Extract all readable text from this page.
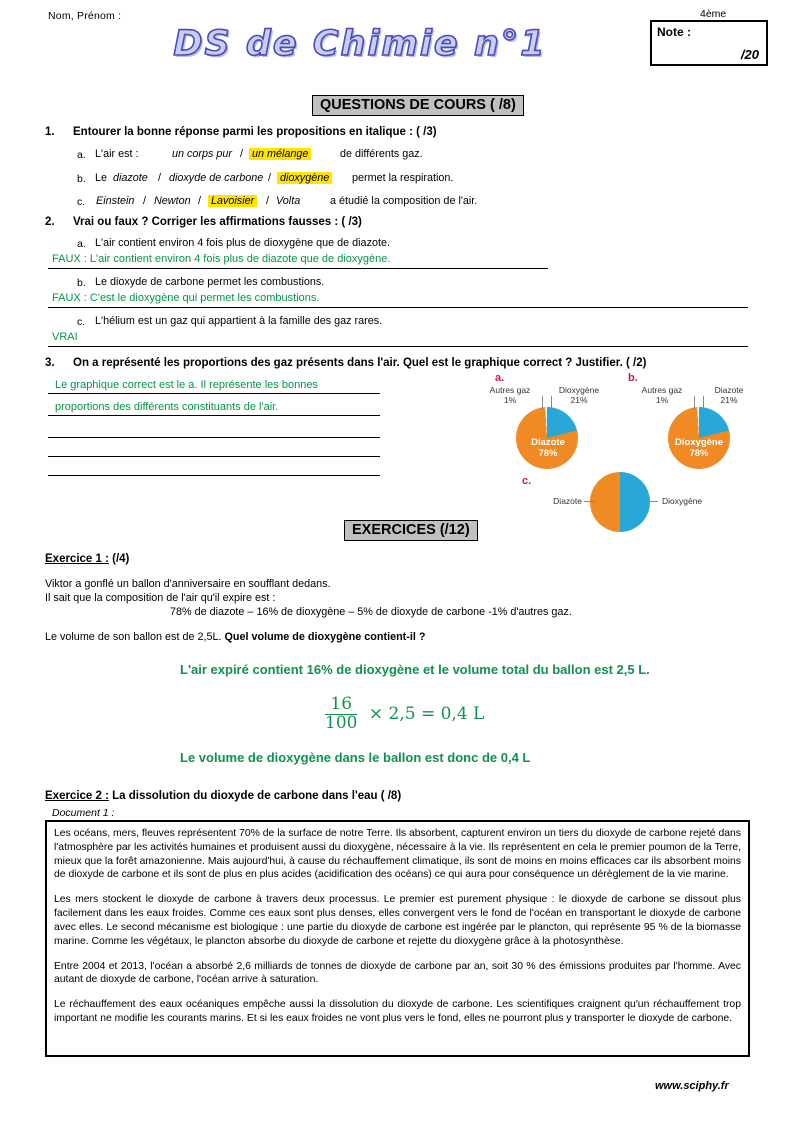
Nom, Prénom :	4ème
Note :
/20
DS de Chimie n°1
QUESTIONS DE COURS ( /8)
1. Entourer la bonne réponse parmi les propositions en italique : ( /3)
a. L'air est :	un corps pur / un mélange	de différents gaz.
b. Le diazote / dioxyde de carbone / dioxygène permet la respiration.
c. Einstein / Newton / Lavoisier / Volta	a étudié la composition de l'air.
2. Vrai ou faux ? Corriger les affirmations fausses : ( /3)
a. L'air contient environ 4 fois plus de dioxygène que de diazote.
FAUX : L'air contient environ 4 fois plus de diazote que de dioxygène.
b. Le dioxyde de carbone permet les combustions.
FAUX : C'est le dioxygène qui permet les combustions.
c. L'hélium est un gaz qui appartient à la famille des gaz rares.
VRAI
3. On a représenté les proportions des gaz présents dans l'air. Quel est le graphique correct ? Justifier. ( /2)
Le graphique correct est le a. Il représente les bonnes
proportions des différents constituants de l'air.
a.
Autres gaz
1%
Dioxygène
21%
Diazote
78%
b.
Autres gaz
1%
Diazote
21%
Dioxygène
78%
c.
Diazote	Dioxygène
EXERCICES (/12)
Exercice 1 : (/4)
Viktor a gonflé un ballon d'anniversaire en soufflant dedans.
Il sait que la composition de l'air qu'il expire est :
78% de diazote – 16% de dioxygène – 5% de dioxyde de carbone -1% d'autres gaz.
Le volume de son ballon est de 2,5L. Quel volume de dioxygène contient-il ?
L'air expiré contient 16% de dioxygène et le volume total du ballon est 2,5 L.
$\frac{16}{100} \times 2,5 = 0,4$ L
Le volume de dioxygène dans le ballon est donc de 0,4 L
Exercice 2 : La dissolution du dioxyde de carbone dans l'eau ( /8)
Document 1 :

Les océans, mers, fleuves représentent 70% de la surface de notre Terre. Ils absorbent, capturent environ un tiers du dioxyde de carbone rejeté dans l'atmosphère par les activités humaines et produisent aussi du dioxygène, nécessaire à la vie. Ils représentent en cela le premier poumon de la Terre, mieux que la forêt amazonienne. Mais aujourd'hui, à cause du réchauffement climatique, ils sont de moins en moins efficaces car ils absorbent moins de dioxyde de carbone et ils sont de plus en plus acides (acidification des océans) ce qui aura pour conséquence un dérèglement de la vie marine.

Les mers stockent le dioxyde de carbone à travers deux processus. Le premier est purement physique : le dioxyde de carbone se dissout plus facilement dans les eaux froides. Comme ces eaux sont plus denses, elles convergent vers le fond de l'océan en transportant le dioxyde de carbone avec elles. Le second mécanisme est biologique : une partie du dioxyde de carbone est ingérée par le plancton, qui représente 95 % de la biomasse marine. Comme les végétaux, le plancton absorbe du dioxyde de carbone et rejette du dioxygène grâce à la photosynthèse.

Entre 2004 et 2013, l'océan a absorbé 2,6 milliards de tonnes de dioxyde de carbone par an, soit 30 % des émissions produites par l'homme. Avec autant de dioxyde de carbone, l'océan arrive à saturation.

Le réchauffement des eaux océaniques empêche aussi la dissolution du dioxyde de carbone. Les scientifiques craignent qu'un réchauffement trop important ne modifie les courants marins. Et si les eaux froides ne vont plus vers le fond, elles ne pourront plus y transporter le dioxyde de carbone.

www.sciphy.fr
